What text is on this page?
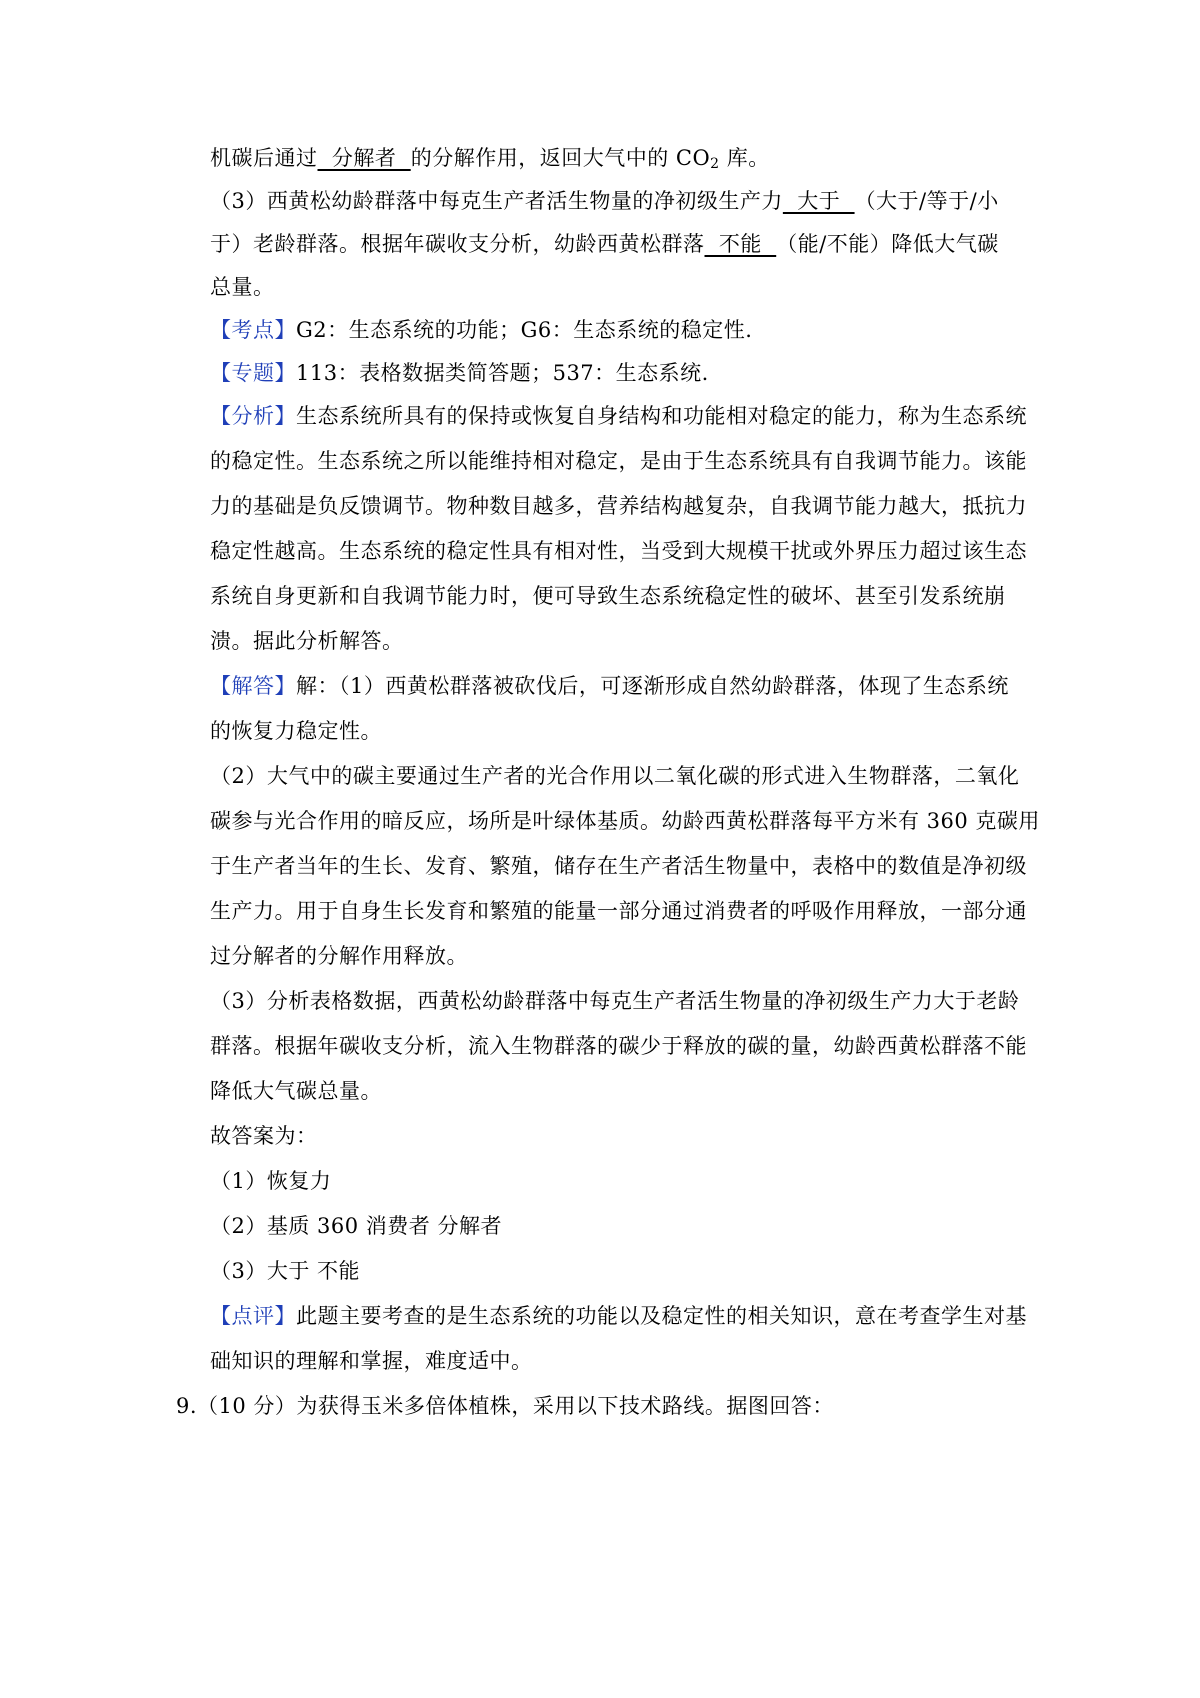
机碳后通过  分解者  的分解作用，返回大气中的 $CO_2$ 库。
（3）西黄松幼龄群落中每克生产者活生物量的净初级生产力  大于  （大于/等于/小
于）老龄群落。根据年碳收支分析，幼龄西黄松群落  不能  （能/不能）降低大气碳
总量。
【考点】G2：生态系统的功能；G6：生态系统的稳定性.
【专题】113：表格数据类简答题；537：生态系统.
【分析】生态系统所具有的保持或恢复自身结构和功能相对稳定的能力，称为生态系统
的稳定性。生态系统之所以能维持相对稳定，是由于生态系统具有自我调节能力。该能
力的基础是负反馈调节。物种数目越多，营养结构越复杂，自我调节能力越大，抵抗力
稳定性越高。生态系统的稳定性具有相对性，当受到大规模干扰或外界压力超过该生态
系统自身更新和自我调节能力时，便可导致生态系统稳定性的破坏、甚至引发系统崩
溃。据此分析解答。
【解答】解：（1）西黄松群落被砍伐后，可逐渐形成自然幼龄群落，体现了生态系统
的恢复力稳定性。
（2）大气中的碳主要通过生产者的光合作用以二氧化碳的形式进入生物群落，二氧化
碳参与光合作用的暗反应，场所是叶绿体基质。幼龄西黄松群落每平方米有 360 克碳用
于生产者当年的生长、发育、繁殖，储存在生产者活生物量中，表格中的数值是净初级
生产力。用于自身生长发育和繁殖的能量一部分通过消费者的呼吸作用释放，一部分通
过分解者的分解作用释放。
（3）分析表格数据，西黄松幼龄群落中每克生产者活生物量的净初级生产力大于老龄
群落。根据年碳收支分析，流入生物群落的碳少于释放的碳的量，幼龄西黄松群落不能
降低大气碳总量。
故答案为：
（1）恢复力
（2）基质 360 消费者 分解者
（3）大于 不能
【点评】此题主要考查的是生态系统的功能以及稳定性的相关知识，意在考查学生对基
础知识的理解和掌握，难度适中。
9.（10 分）为获得玉米多倍体植株，采用以下技术路线。据图回答：
